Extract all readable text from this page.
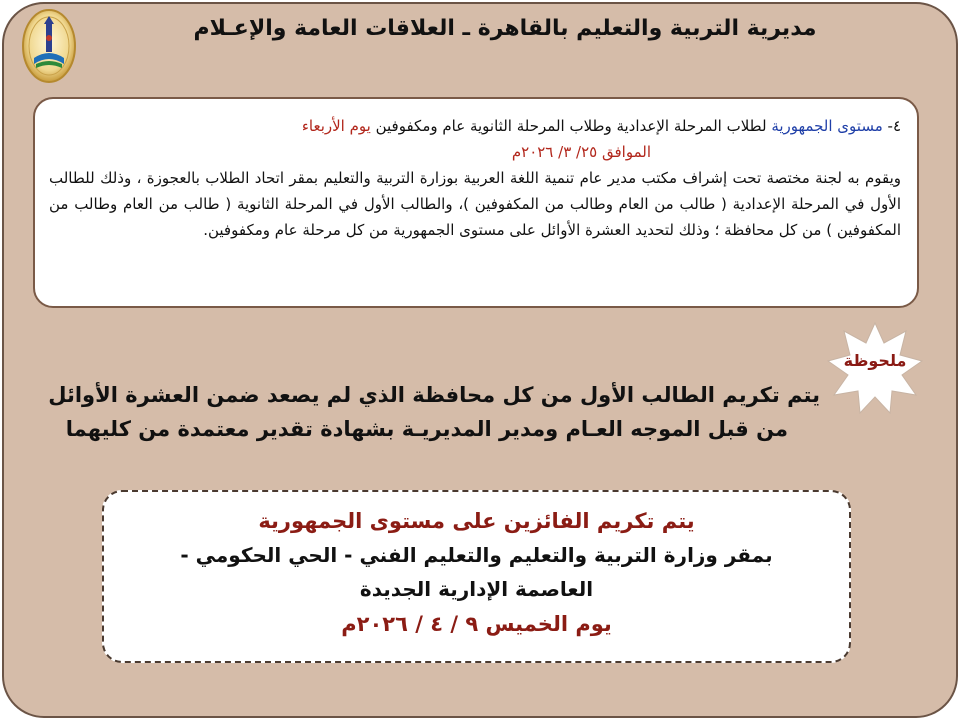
مديرية التربية والتعليم بالقاهرة ـ العلاقات العامة والإعـلام
٤- مستوى الجمهورية لطلاب المرحلة الإعدادية وطلاب المرحلة الثانوية عام ومكفوفين يوم الأربعاء
الموافق ٢٥/ ٣/ ٢٠٢٦م
ويقوم به لجنة مختصة تحت إشراف مكتب مدير عام تنمية اللغة العربية بوزارة التربية والتعليم بمقر اتحاد الطلاب بالعجوزة ، وذلك للطالب الأول في المرحلة الإعدادية ( طالب من العام وطالب من المكفوفين )، والطالب الأول في المرحلة الثانوية ( طالب من العام وطالب من المكفوفين ) من كل محافظة ؛ وذلك لتحديد العشرة الأوائل على مستوى الجمهورية من كل مرحلة عام ومكفوفين.
ملحوظة
يتم تكريم الطالب الأول من كل محافظة الذي لم يصعد ضمن العشرة الأوائل
من قبل الموجه العـام ومدير المديريـة بشهادة تقدير معتمدة من كليهما
يتم تكريم الفائزين على مستوى الجمهورية
بمقر وزارة التربية والتعليم والتعليم الفني - الحي الحكومي -
العاصمة الإدارية الجديدة
يوم الخميس ٩ / ٤ / ٢٠٢٦م
